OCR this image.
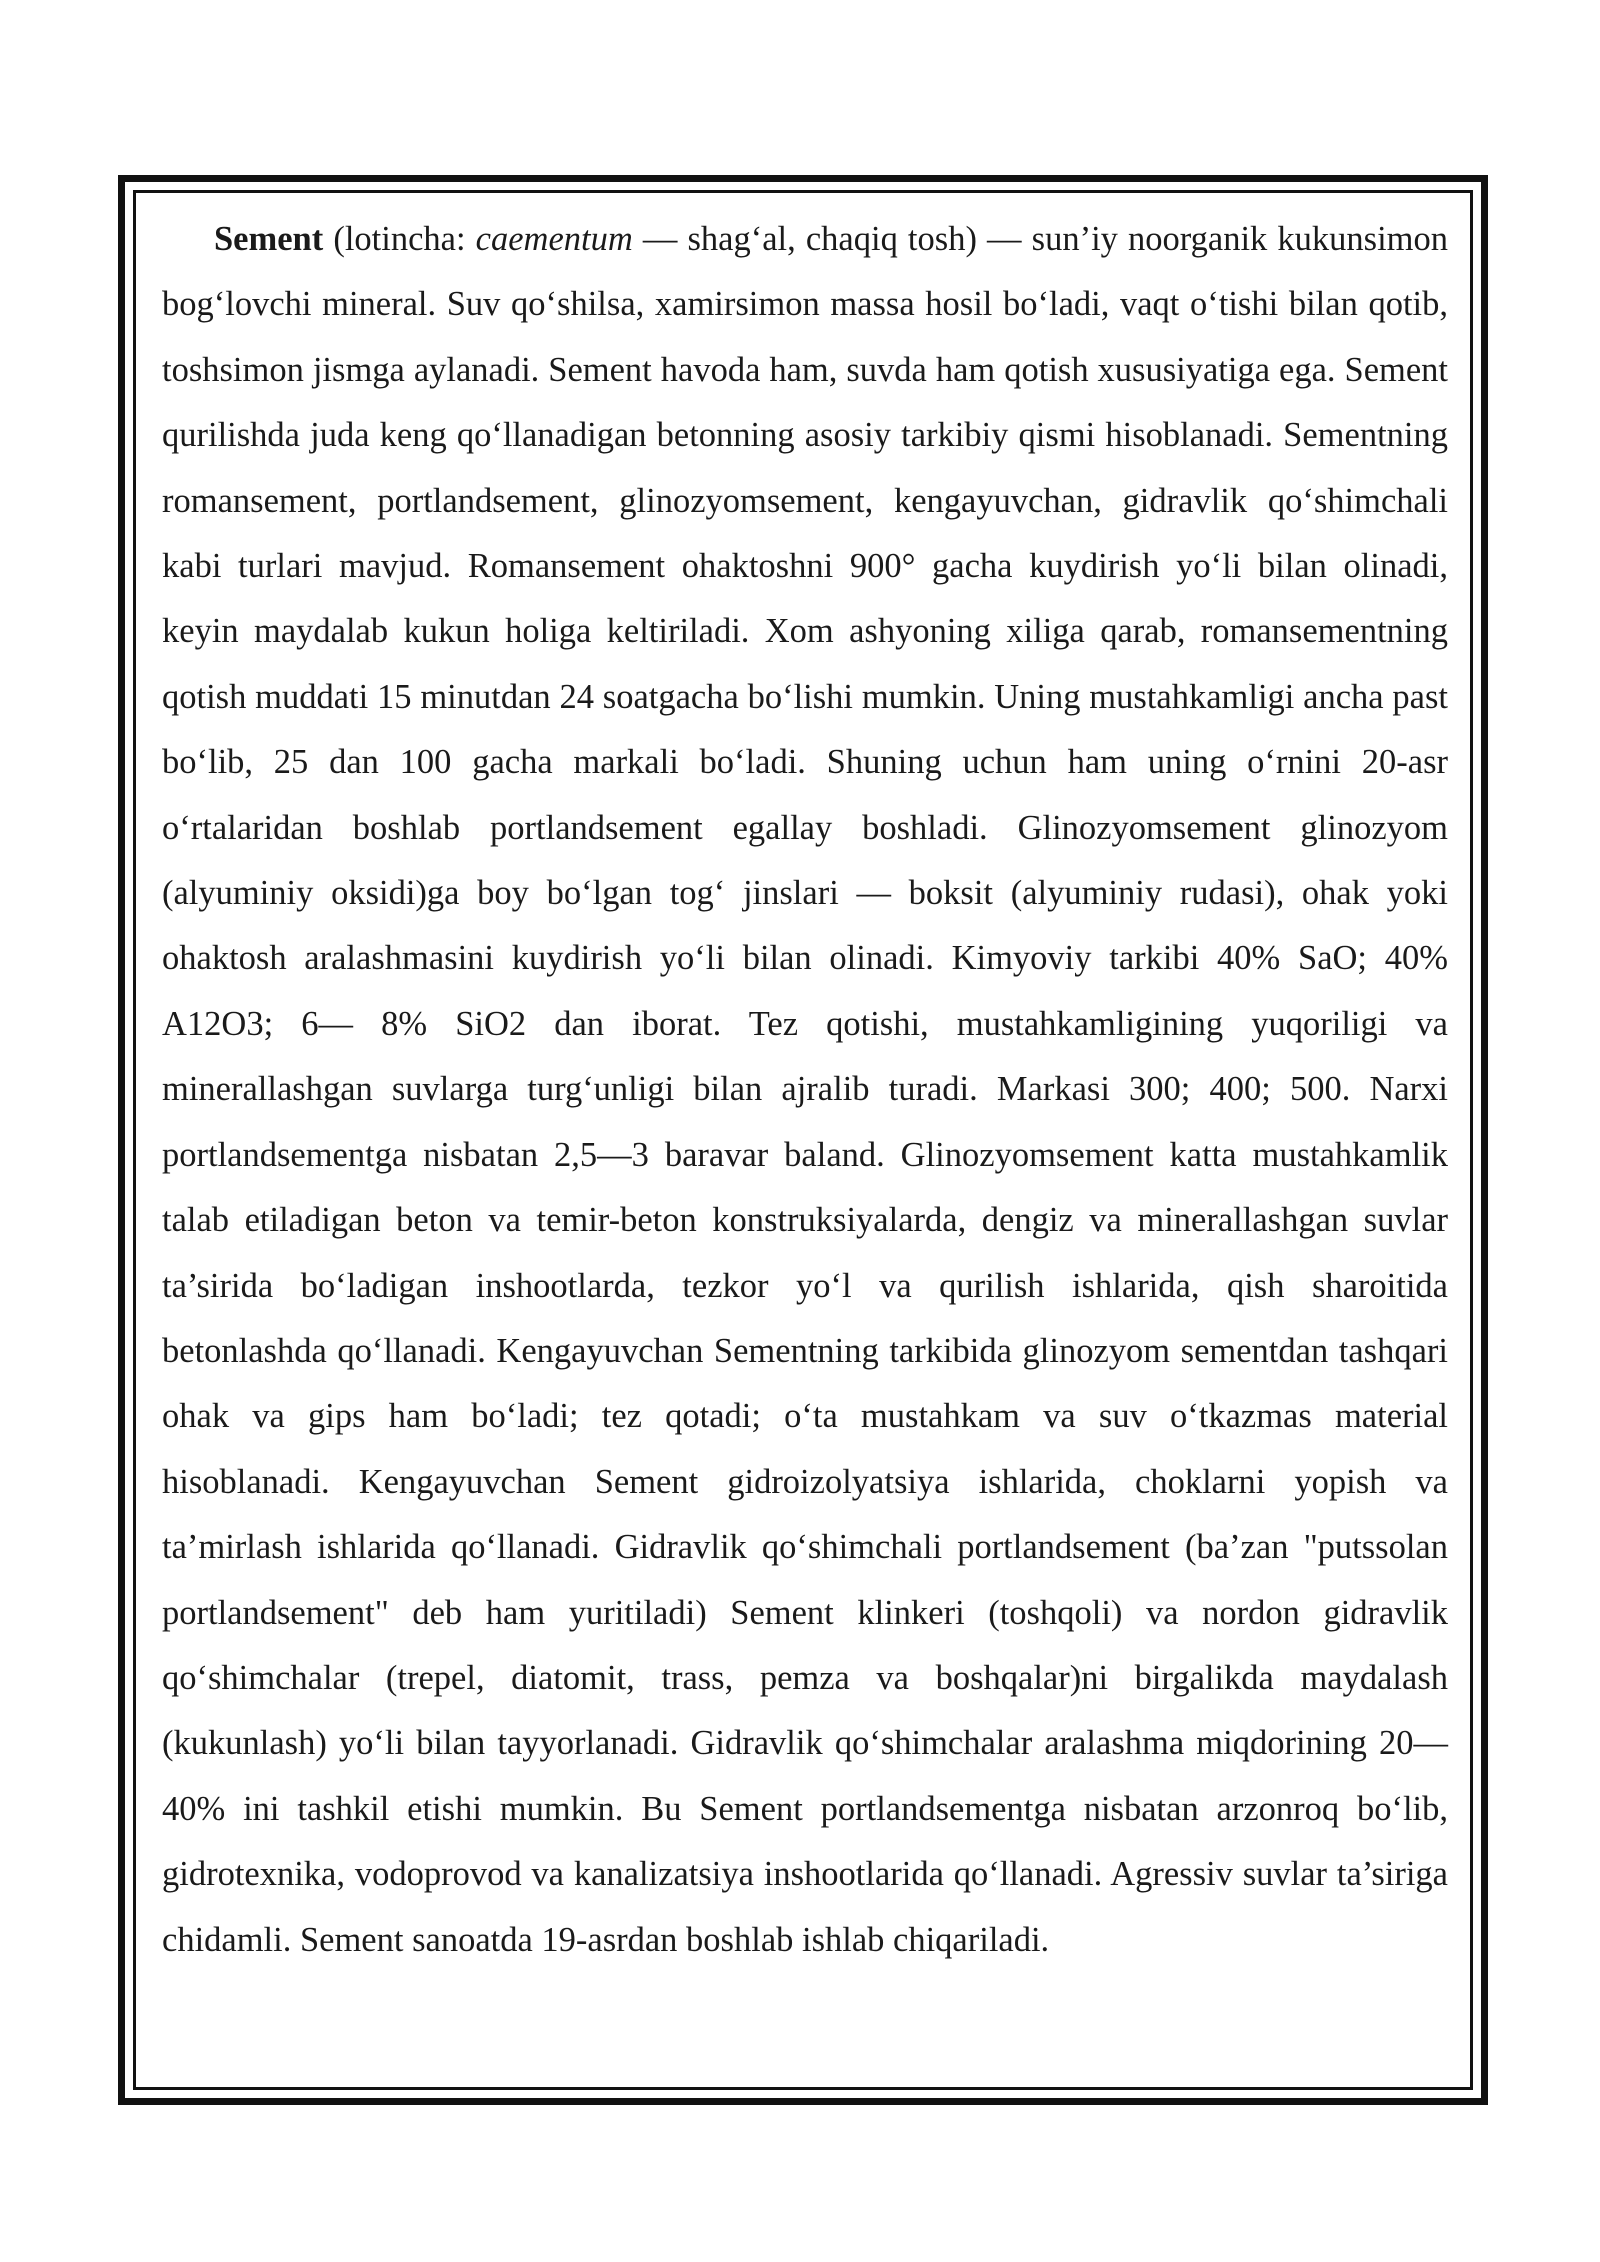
Sement (lotincha: caementum — shag‘al, chaqiq tosh) — sun’iy noorganik kukunsimon bog‘lovchi mineral. Suv qo‘shilsa, xamirsimon massa hosil bo‘ladi, vaqt o‘tishi bilan qotib, toshsimon jismga aylanadi. Sement havoda ham, suvda ham qotish xususiyatiga ega. Sement qurilishda juda keng qo‘llanadigan betonning asosiy tarkibiy qismi hisoblanadi. Sementning romansement, portlandsement, glinozyomsement, kengayuvchan, gidravlik qo‘shimchali kabi turlari mavjud. Romansement ohaktoshni 900° gacha kuydirish yo‘li bilan olinadi, keyin maydalab kukun holiga keltiriladi. Xom ashyoning xiliga qarab, romansementning qotish muddati 15 minutdan 24 soatgacha bo‘lishi mumkin. Uning mustahkamligi ancha past bo‘lib, 25 dan 100 gacha markali bo‘ladi. Shuning uchun ham uning o‘rnini 20-asr o‘rtalaridan boshlab portlandsement egallay boshladi. Glinozyomsement glinozyom (alyuminiy oksidi)ga boy bo‘lgan tog‘ jinslari — boksit (alyuminiy rudasi), ohak yoki ohaktosh aralashmasini kuydirish yo‘li bilan olinadi. Kimyoviy tarkibi 40% SaO; 40% A12O3; 6— 8% SiO2 dan iborat. Tez qotishi, mustahkamligining yuqoriligi va minerallashgan suvlarga turg‘unligi bilan ajralib turadi. Markasi 300; 400; 500. Narxi portlandsementga nisbatan 2,5—3 baravar baland. Glinozyomsement katta mustahkamlik talab etiladigan beton va temir-beton konstruksiyalarda, dengiz va minerallashgan suvlar ta’sirida bo‘ladigan inshootlarda, tezkor yo‘l va qurilish ishlarida, qish sharoitida betonlashda qo‘llanadi. Kengayuvchan Sementning tarkibida glinozyom sementdan tashqari ohak va gips ham bo‘ladi; tez qotadi; o‘ta mustahkam va suv o‘tkazmas material hisoblanadi. Kengayuvchan Sement gidroizolyatsiya ishlarida, choklarni yopish va ta’mirlash ishlarida qo‘llanadi. Gidravlik qo‘shimchali portlandsement (ba’zan "putssolan portlandsement" deb ham yuritiladi) Sement klinkeri (toshqoli) va nordon gidravlik qo‘shimchalar (trepel, diatomit, trass, pemza va boshqalar)ni birgalikda maydalash (kukunlash) yo‘li bilan tayyorlanadi. Gidravlik qo‘shimchalar aralashma miqdorining 20—40% ini tashkil etishi mumkin. Bu Sement portlandsementga nisbatan arzonroq bo‘lib, gidrotexnika, vodoprovod va kanalizatsiya inshootlarida qo‘llanadi. Agressiv suvlar ta’siriga chidamli. Sement sanoatda 19-asrdan boshlab ishlab chiqariladi.
